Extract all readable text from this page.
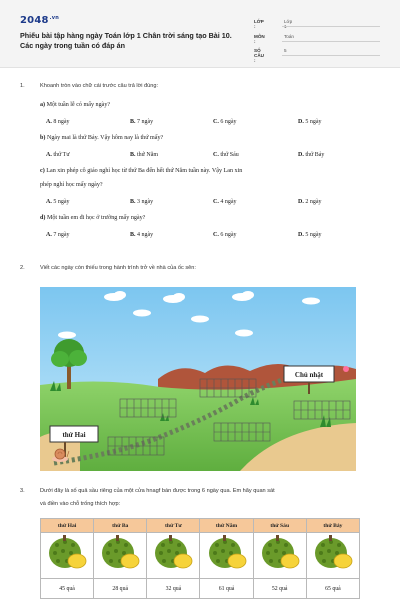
$2048^{.vn}$
Phiếu bài tập hàng ngày Toán lớp 1 Chân trời sáng tạo Bài 10. Các ngày trong tuần có đáp án
LỚP :
Lớp 1
MÔN :
Toán
SỐ CÂU :
5
1.	Khoanh tròn vào chữ cái trước câu trả lời đúng:
a) Một tuần lễ có mấy ngày?
A. 8 ngày	B. 7 ngày	C. 6 ngày	D. 5 ngày
b) Ngày mai là thứ Bảy. Vậy hôm nay là thứ mấy?
A. thứ Tư	B. thứ Năm	C. thứ Sáu	D. thứ Bảy
c) Lan xin phép cô giáo nghỉ học từ thứ Ba đến hết thứ Năm tuần này. Vậy Lan xin
phép nghỉ học mấy ngày?
A. 5 ngày	B. 3 ngày	C. 4 ngày	D. 2 ngày
d) Một tuần em đi học ở trường mấy ngày?
A. 7 ngày	B. 4 ngày	C. 6 ngày	D. 5 ngày
2.	Viết các ngày còn thiếu trong hành trình trở về nhà của ốc sên:
thứ Hai
Chủ nhật
3.	Dưới đây là số quả sầu riêng của một cửa hnagf bán được trong 6 ngày qua. Em hãy quan sát
và điền vào chỗ trống thích hợp:
thứ Hai	thứ Ba	thứ Tư	thứ Năm	thứ Sáu	thứ Bảy

45 quả	28 quả	32 quả	61 quả	52 quả	65 quả
